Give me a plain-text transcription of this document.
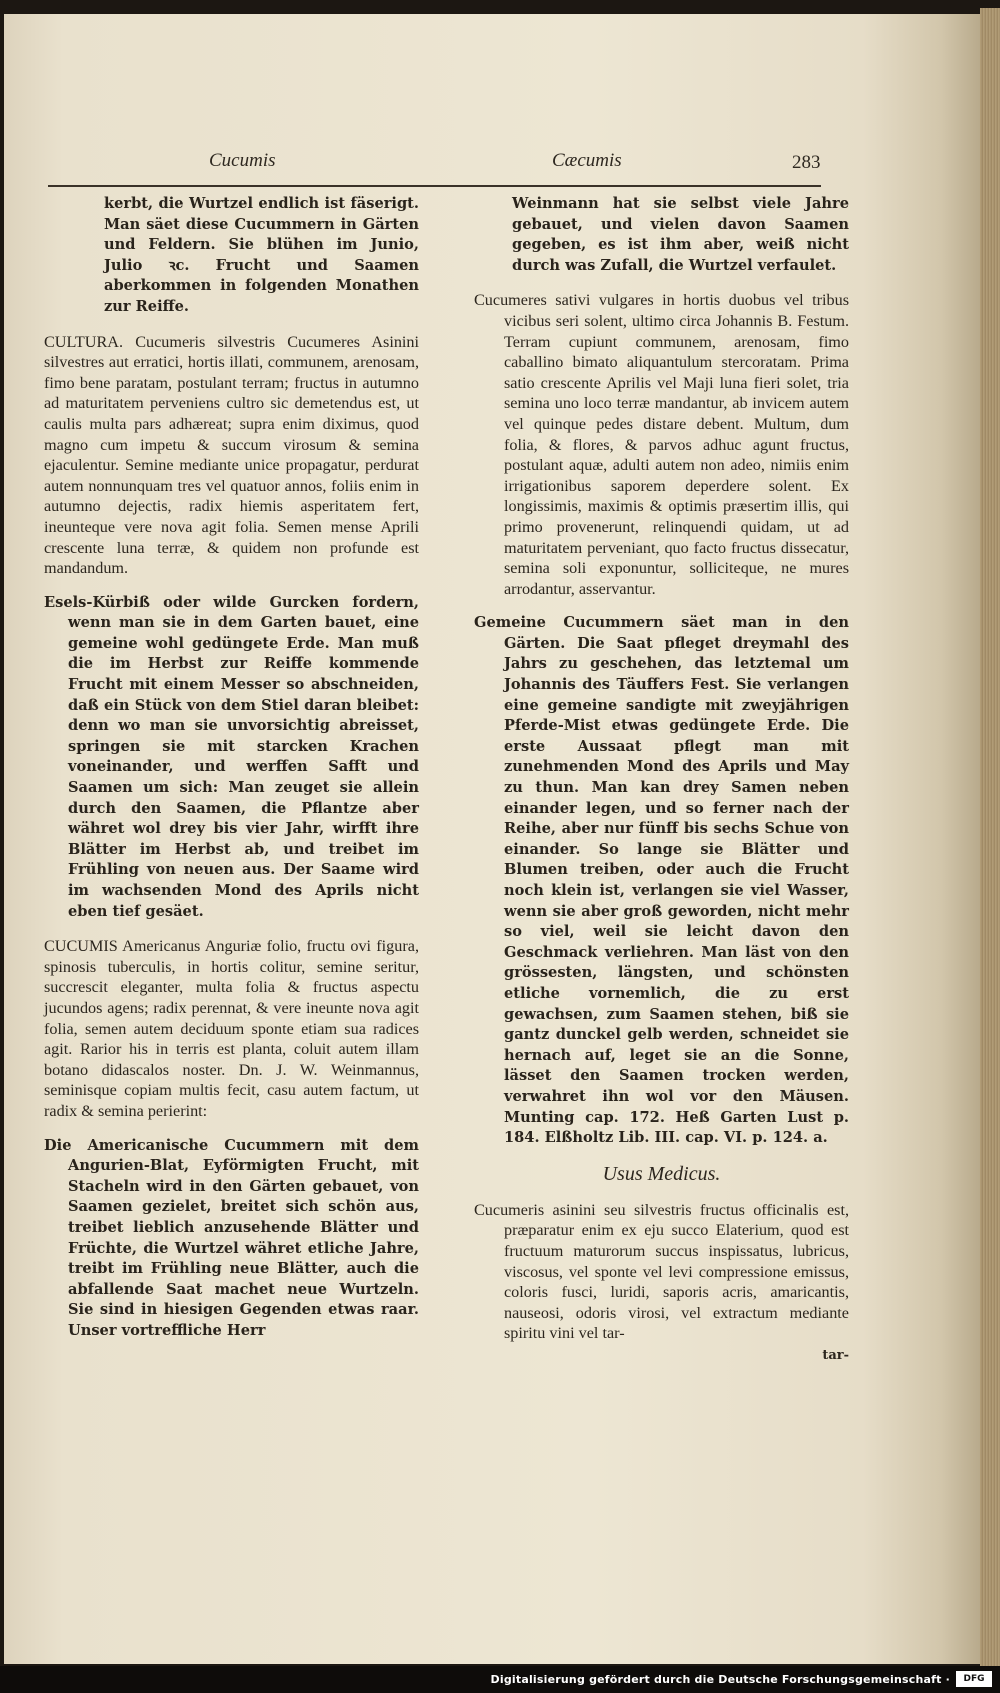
Cucumis	Cæcumis	283

kerbt, die Wurtzel endlich ist fäserigt. Man säet diese Cucummern in Gärten und Feldern. Sie blühen im Junio, Julio ꝛc. Frucht und Saamen aberkommen in folgenden Monathen zur Reiffe.

CULTURA. Cucumeris silvestris Cucumeres Asinini silvestres aut erratici, hortis illati, communem, arenosam, fimo bene paratam, postulant terram; fructus in autumno ad maturitatem perveniens cultro sic demetendus est, ut caulis multa pars adhæreat; supra enim diximus, quod magno cum impetu & succum virosum & semina ejaculentur. Semine mediante unice propagatur, perdurat autem nonnunquam tres vel quatuor annos, foliis enim in autumno dejectis, radix hiemis asperitatem fert, ineunteque vere nova agit folia. Semen mense Aprili crescente luna terræ, & quidem non profunde est mandandum.

Esels-Kürbiß oder wilde Gurcken fordern, wenn man sie in dem Garten bauet, eine gemeine wohl gedüngete Erde. Man muß die im Herbst zur Reiffe kommende Frucht mit einem Messer so abschneiden, daß ein Stück von dem Stiel daran bleibet: denn wo man sie unvorsichtig abreisset, springen sie mit starcken Krachen voneinander, und werffen Safft und Saamen um sich: Man zeuget sie allein durch den Saamen, die Pflantze aber währet wol drey bis vier Jahr, wirfft ihre Blätter im Herbst ab, und treibet im Frühling von neuen aus. Der Saame wird im wachsenden Mond des Aprils nicht eben tief gesäet.

CUCUMIS Americanus Anguriæ folio, fructu ovi figura, spinosis tuberculis, in hortis colitur, semine seritur, succrescit eleganter, multa folia & fructus aspectu jucundos agens; radix perennat, & vere ineunte nova agit folia, semen autem deciduum sponte etiam sua radices agit. Rarior his in terris est planta, coluit autem illam botano didascalos noster. Dn. J. W. Weinmannus, seminisque copiam multis fecit, casu autem factum, ut radix & semina perierint:

Die Americanische Cucummern mit dem Angurien-Blat, Eyförmigten Frucht, mit Stacheln wird in den Gärten gebauet, von Saamen gezielet, breitet sich schön aus, treibet lieblich anzusehende Blätter und Früchte, die Wurtzel währet etliche Jahre, treibt im Frühling neue Blätter, auch die abfallende Saat machet neue Wurtzeln. Sie sind in hiesigen Gegenden etwas raar. Unser vortreffliche Herr

Weinmann hat sie selbst viele Jahre gebauet, und vielen davon Saamen gegeben, es ist ihm aber, weiß nicht durch was Zufall, die Wurtzel verfaulet.

Cucumeres sativi vulgares in hortis duobus vel tribus vicibus seri solent, ultimo circa Johannis B. Festum. Terram cupiunt communem, arenosam, fimo caballino bimato aliquantulum stercoratam. Prima satio crescente Aprilis vel Maji luna fieri solet, tria semina uno loco terræ mandantur, ab invicem autem vel quinque pedes distare debent. Multum, dum folia, & flores, & parvos adhuc agunt fructus, postulant aquæ, adulti autem non adeo, nimiis enim irrigationibus saporem deperdere solent. Ex longissimis, maximis & optimis præsertim illis, qui primo provenerunt, relinquendi quidam, ut ad maturitatem perveniant, quo facto fructus dissecatur, semina soli exponuntur, solliciteque, ne mures arrodantur, asservantur.

Gemeine Cucummern säet man in den Gärten. Die Saat pfleget dreymahl des Jahrs zu geschehen, das letztemal um Johannis des Täuffers Fest. Sie verlangen eine gemeine sandigte mit zweyjährigen Pferde-Mist etwas gedüngete Erde. Die erste Aussaat pflegt man mit zunehmenden Mond des Aprils und May zu thun. Man kan drey Samen neben einander legen, und so ferner nach der Reihe, aber nur fünff bis sechs Schue von einander. So lange sie Blätter und Blumen treiben, oder auch die Frucht noch klein ist, verlangen sie viel Wasser, wenn sie aber groß geworden, nicht mehr so viel, weil sie leicht davon den Geschmack verliehren. Man läst von den grössesten, längsten, und schönsten etliche vornemlich, die zu erst gewachsen, zum Saamen stehen, biß sie gantz dunckel gelb werden, schneidet sie hernach auf, leget sie an die Sonne, lässet den Saamen trocken werden, verwahret ihn wol vor den Mäusen. Munting cap. 172. Heß Garten Lust p. 184. Elßholtz Lib. III. cap. VI. p. 124. a.

Usus Medicus.

Cucumeris asinini seu silvestris fructus officinalis est, præparatur enim ex eju succo Elaterium, quod est fructuum maturorum succus inspissatus, lubricus, viscosus, vel sponte vel levi compressione emissus, coloris fusci, luridi, saporis acris, amaricantis, nauseosi, odoris virosi, vel extractum mediante spiritu vini vel tar-

tar-
Digitalisierung gefördert durch die Deutsche Forschungsgemeinschaft ·	DFG
